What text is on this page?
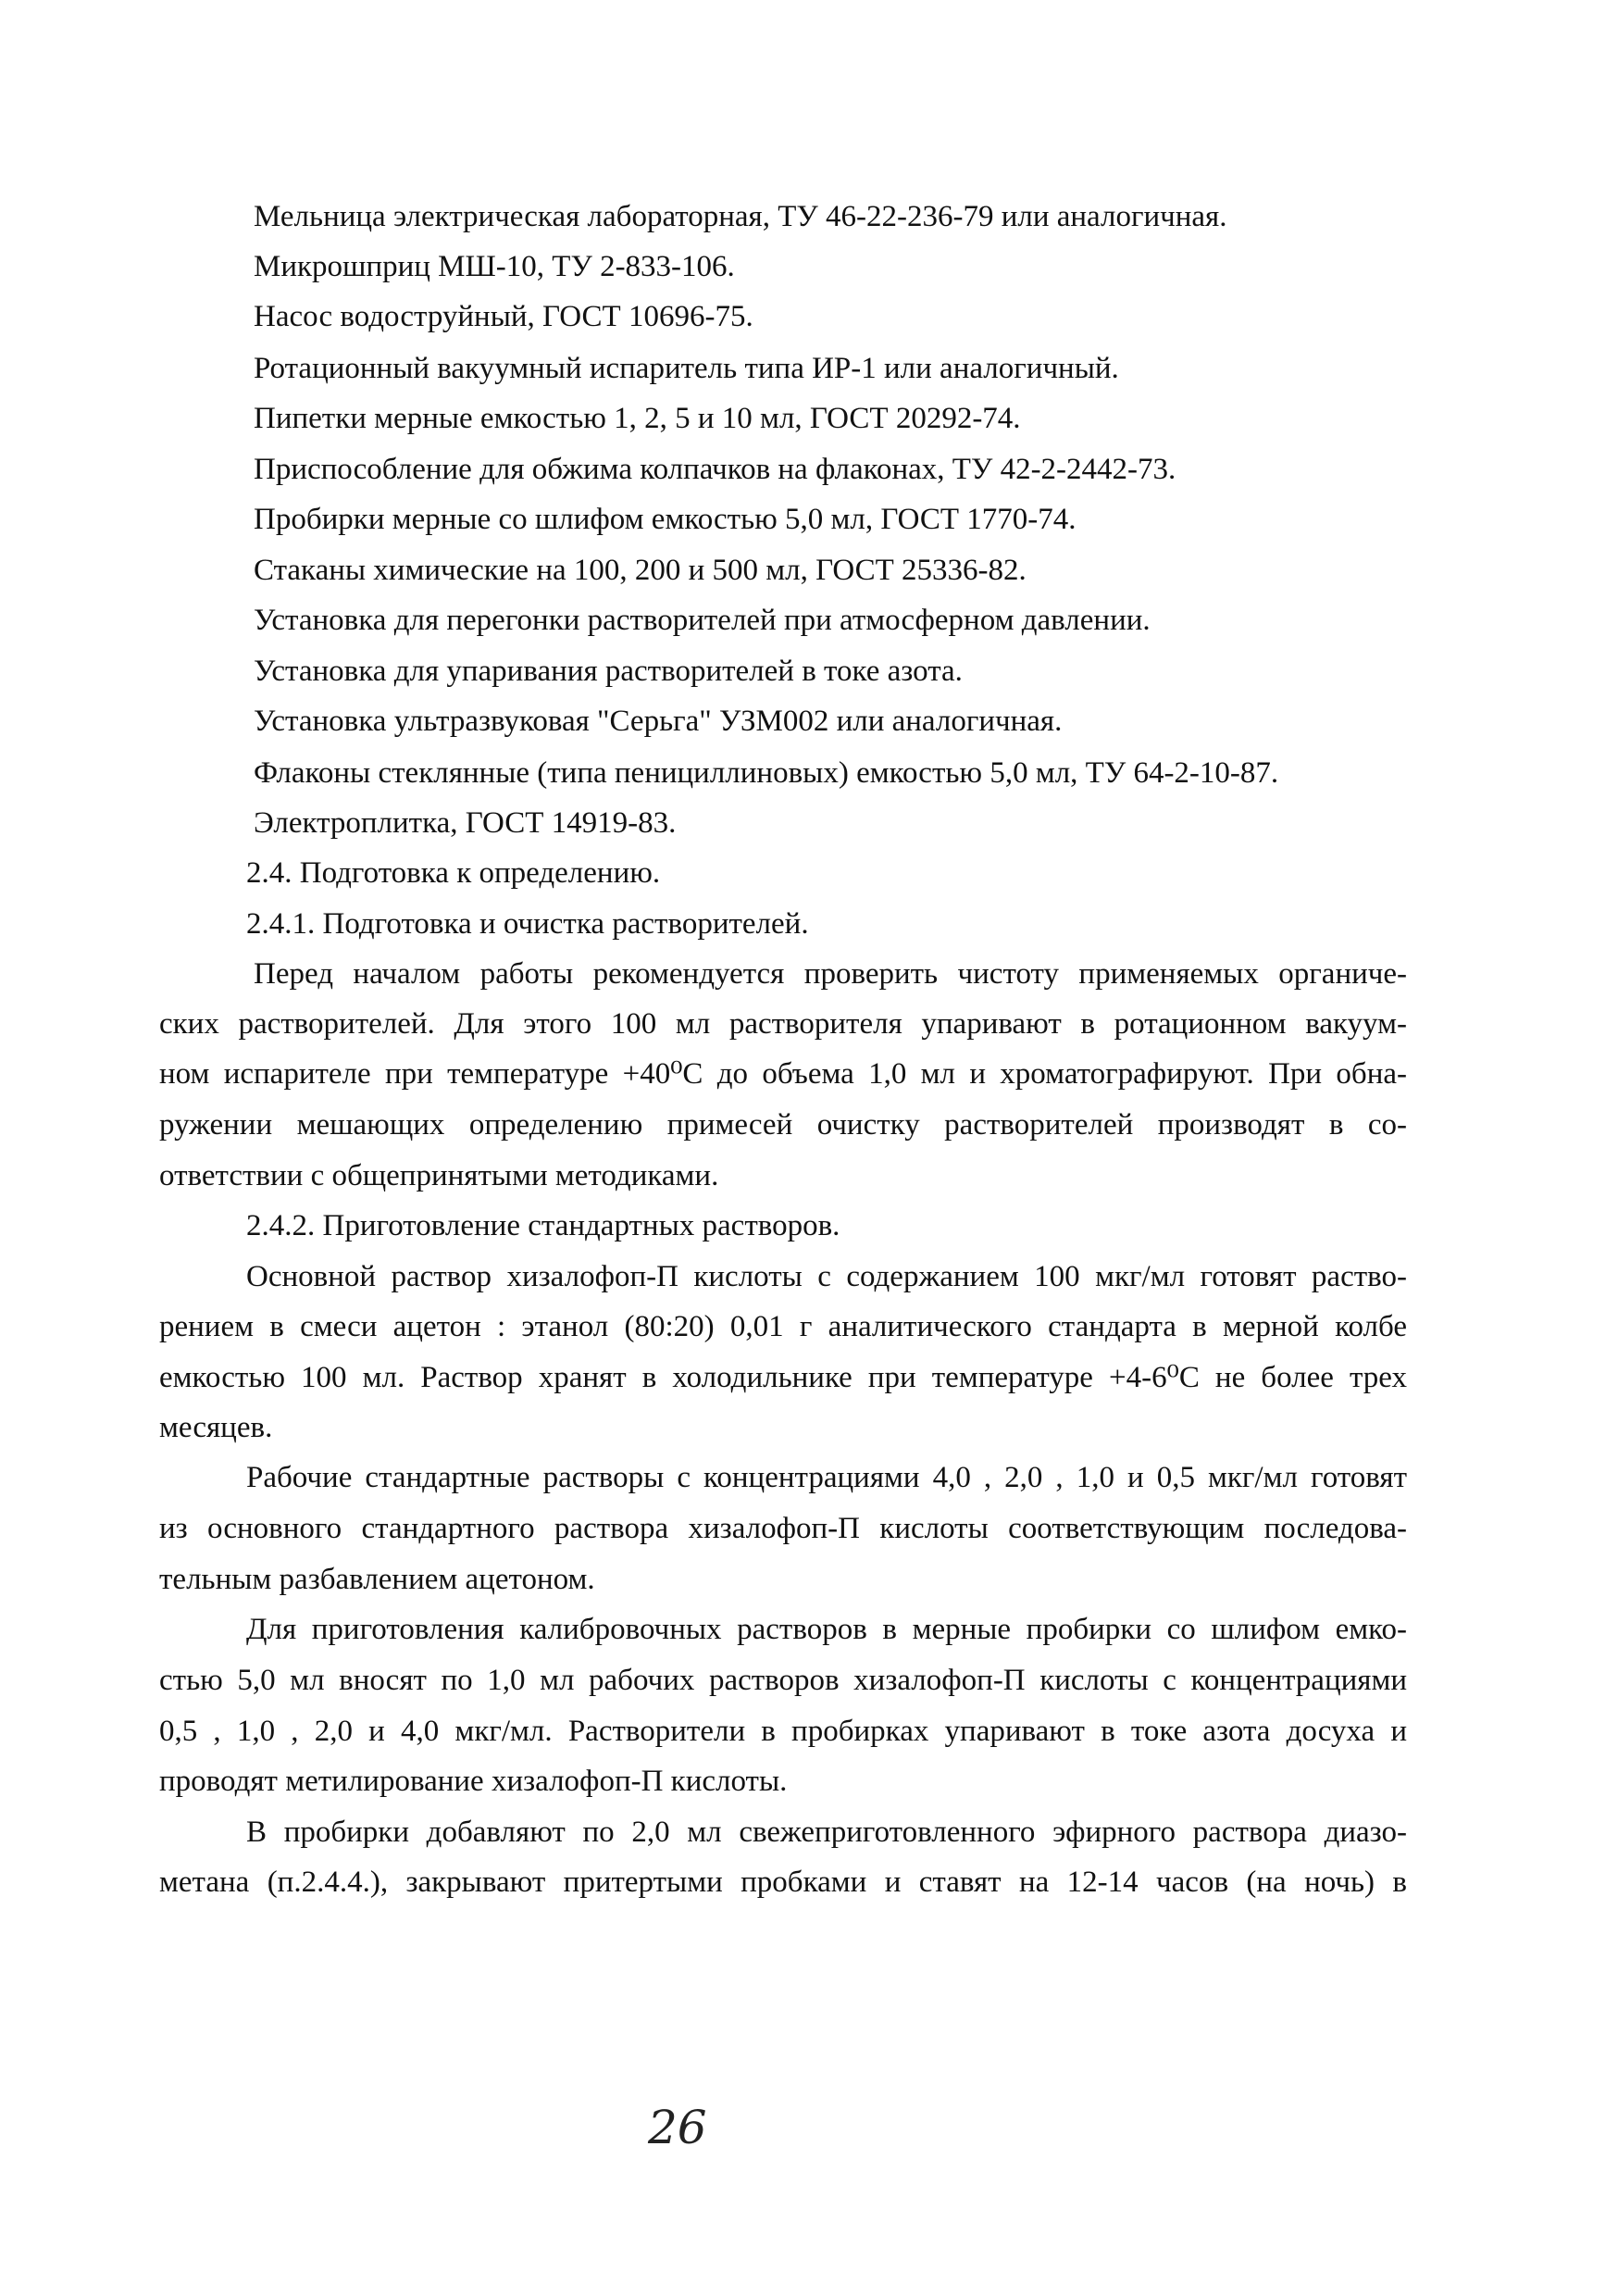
Мельница электрическая лабораторная, ТУ 46-22-236-79 или аналогичная.
Микрошприц МШ-10, ТУ 2-833-106.
Насос водоструйный, ГОСТ 10696-75.
Ротационный вакуумный испаритель типа ИР-1 или аналогичный.
Пипетки мерные емкостью 1, 2, 5 и 10 мл, ГОСТ 20292-74.
Приспособление для обжима колпачков на флаконах, ТУ 42-2-2442-73.
Пробирки мерные со шлифом емкостью 5,0 мл, ГОСТ 1770-74.
Стаканы химические на 100, 200 и 500 мл, ГОСТ 25336-82.
Установка для перегонки растворителей при атмосферном давлении.
Установка для упаривания растворителей в токе азота.
Установка ультразвуковая "Серьга" УЗМ002 или аналогичная.
Флаконы стеклянные (типа пенициллиновых) емкостью 5,0 мл, ТУ 64-2-10-87.
Электроплитка, ГОСТ 14919-83.
2.4. Подготовка к определению.
2.4.1. Подготовка и очистка растворителей.
Перед началом работы рекомендуется проверить чистоту применяемых органиче-
ских растворителей. Для этого 100 мл растворителя упаривают в ротационном вакуум-
ном испарителе при температуре +40⁰С до объема 1,0 мл и хроматографируют. При обна-
ружении мешающих определению примесей очистку растворителей производят в со-
ответствии с общепринятыми методиками.
2.4.2. Приготовление стандартных растворов.
Основной раствор хизалофоп-П кислоты с содержанием 100 мкг/мл готовят раство-
рением в смеси ацетон : этанол (80:20) 0,01 г аналитического стандарта в мерной колбе
емкостью 100 мл. Раствор хранят в холодильнике при температуре +4-6⁰С не более трех
месяцев.
Рабочие стандартные растворы с концентрациями 4,0 , 2,0 , 1,0 и 0,5 мкг/мл готовят
из основного стандартного раствора хизалофоп-П кислоты соответствующим последова-
тельным разбавлением ацетоном.
Для приготовления калибровочных растворов в мерные пробирки со шлифом емко-
стью 5,0 мл вносят по 1,0 мл рабочих растворов хизалофоп-П кислоты с концентрациями
0,5 , 1,0 , 2,0 и 4,0 мкг/мл. Растворители в пробирках упаривают в токе азота досуха и
проводят метилирование хизалофоп-П кислоты.
В пробирки добавляют по 2,0 мл свежеприготовленного эфирного раствора диазо-
метана (п.2.4.4.), закрывают притертыми пробками и ставят на 12-14 часов (на ночь) в
26
